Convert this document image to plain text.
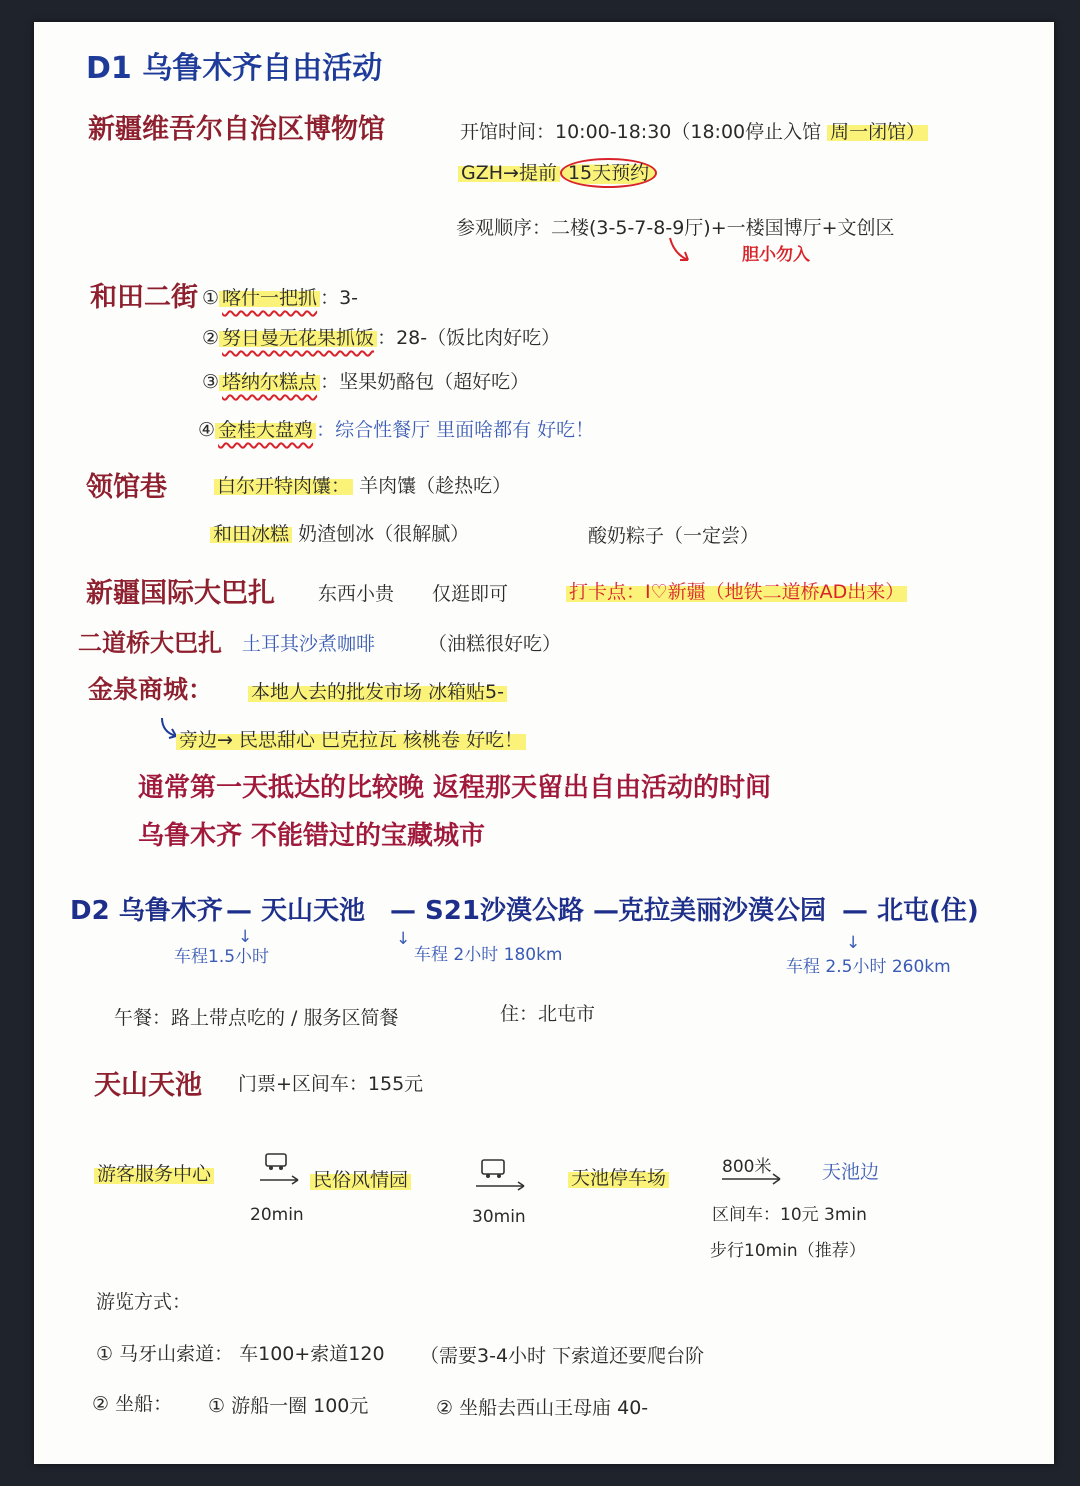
D1 乌鲁木齐自由活动
新疆维吾尔自治区博物馆	开馆时间：10:00-18:30（18:00停止入馆 周一闭馆）
GZH→提前 15天预约
参观顺序：二楼(3-5-7-8-9厅)+一楼国博厅+文创区
胆小勿入
和田二街 ① 喀什一把抓 ：3-
② 努日曼无花果抓饭 ：28-（饭比肉好吃）
③ 塔纳尔糕点 ：坚果奶酪包（超好吃）
④ 金桂大盘鸡 ：综合性餐厅 里面啥都有 好吃！
领馆巷	白尔开特肉馕： 羊肉馕（趁热吃）
和田冰糕 奶渣刨冰（很解腻）	酸奶粽子（一定尝）
新疆国际大巴扎 东西小贵 仅逛即可	打卡点：I♡新疆（地铁二道桥AD出来）
二道桥大巴扎 土耳其沙煮咖啡	（油糕很好吃）
金泉商城： 本地人去的批发市场 冰箱贴5-
旁边→ 民思甜心 巴克拉瓦 核桃卷 好吃！
通常第一天抵达的比较晚 返程那天留出自由活动的时间
乌鲁木齐 不能错过的宝藏城市
D2 乌鲁木齐 — 天山天池 — S21沙漠公路 —
克拉美丽沙漠公园 — 北屯(住)
↓	↓	↓
车程1.5小时	车程 2小时 180km
车程 2.5小时 260km
午餐：路上带点吃的 / 服务区简餐	住：北屯市
天山天池 门票+区间车：155元
游客服务中心
20min
民俗风情园
30min
天池停车场	800米	天池边
区间车：10元 3min
步行10min（推荐）
游览方式：
① 马牙山索道： 车100+索道120 （需要3-4小时 下索道还要爬台阶
② 坐船： ① 游船一圈 100元	② 坐船去西山王母庙 40-
